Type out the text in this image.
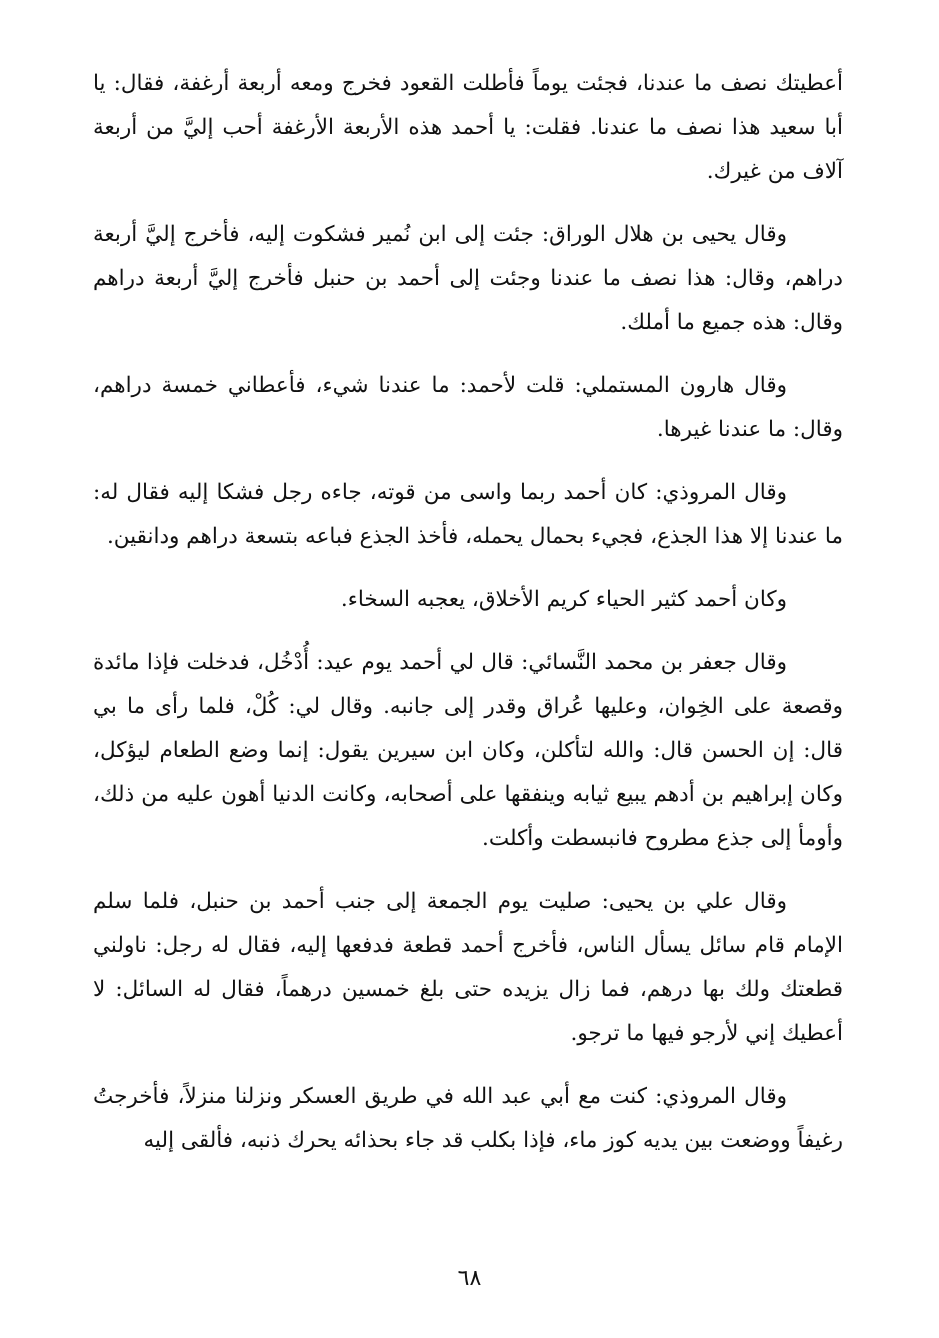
أعطيتك نصف ما عندنا، فجئت يوماً فأطلت القعود فخرج ومعه أربعة أرغفة، فقال: يا أبا سعيد هذا نصف ما عندنا. فقلت: يا أحمد هذه الأربعة الأرغفة أحب إليَّ من أربعة آلاف من غيرك.

وقال يحيى بن هلال الوراق: جئت إلى ابن نُمير فشكوت إليه، فأخرج إليَّ أربعة دراهم، وقال: هذا نصف ما عندنا وجئت إلى أحمد بن حنبل فأخرج إليَّ أربعة دراهم وقال: هذه جميع ما أملك.

وقال هارون المستملي: قلت لأحمد: ما عندنا شيء، فأعطاني خمسة دراهم، وقال: ما عندنا غيرها.

وقال المروذي: كان أحمد ربما واسى من قوته، جاءه رجل فشكا إليه فقال له: ما عندنا إلا هذا الجذع، فجيء بحمال يحمله، فأخذ الجذع فباعه بتسعة دراهم ودانقين.

وكان أحمد كثير الحياء كريم الأخلاق، يعجبه السخاء.

وقال جعفر بن محمد النَّسائي: قال لي أحمد يوم عيد: أُدْخُل، فدخلت فإذا مائدة وقصعة على الخِوان، وعليها عُراق وقدر إلى جانبه. وقال لي: كُلْ، فلما رأى ما بي قال: إن الحسن قال: والله لتأكلن، وكان ابن سيرين يقول: إنما وضع الطعام ليؤكل، وكان إبراهيم بن أدهم يبيع ثيابه وينفقها على أصحابه، وكانت الدنيا أهون عليه من ذلك، وأومأ إلى جذع مطروح فانبسطت وأكلت.

وقال علي بن يحيى: صليت يوم الجمعة إلى جنب أحمد بن حنبل، فلما سلم الإمام قام سائل يسأل الناس، فأخرج أحمد قطعة فدفعها إليه، فقال له رجل: ناولني قطعتك ولك بها درهم، فما زال يزيده حتى بلغ خمسين درهماً، فقال له السائل: لا أعطيك إني لأرجو فيها ما ترجو.

وقال المروذي: كنت مع أبي عبد الله في طريق العسكر ونزلنا منزلاً، فأخرجتُ رغيفاً ووضعت بين يديه كوز ماء، فإذا بكلب قد جاء بحذائه يحرك ذنبه، فألقى إليه

٦٨
